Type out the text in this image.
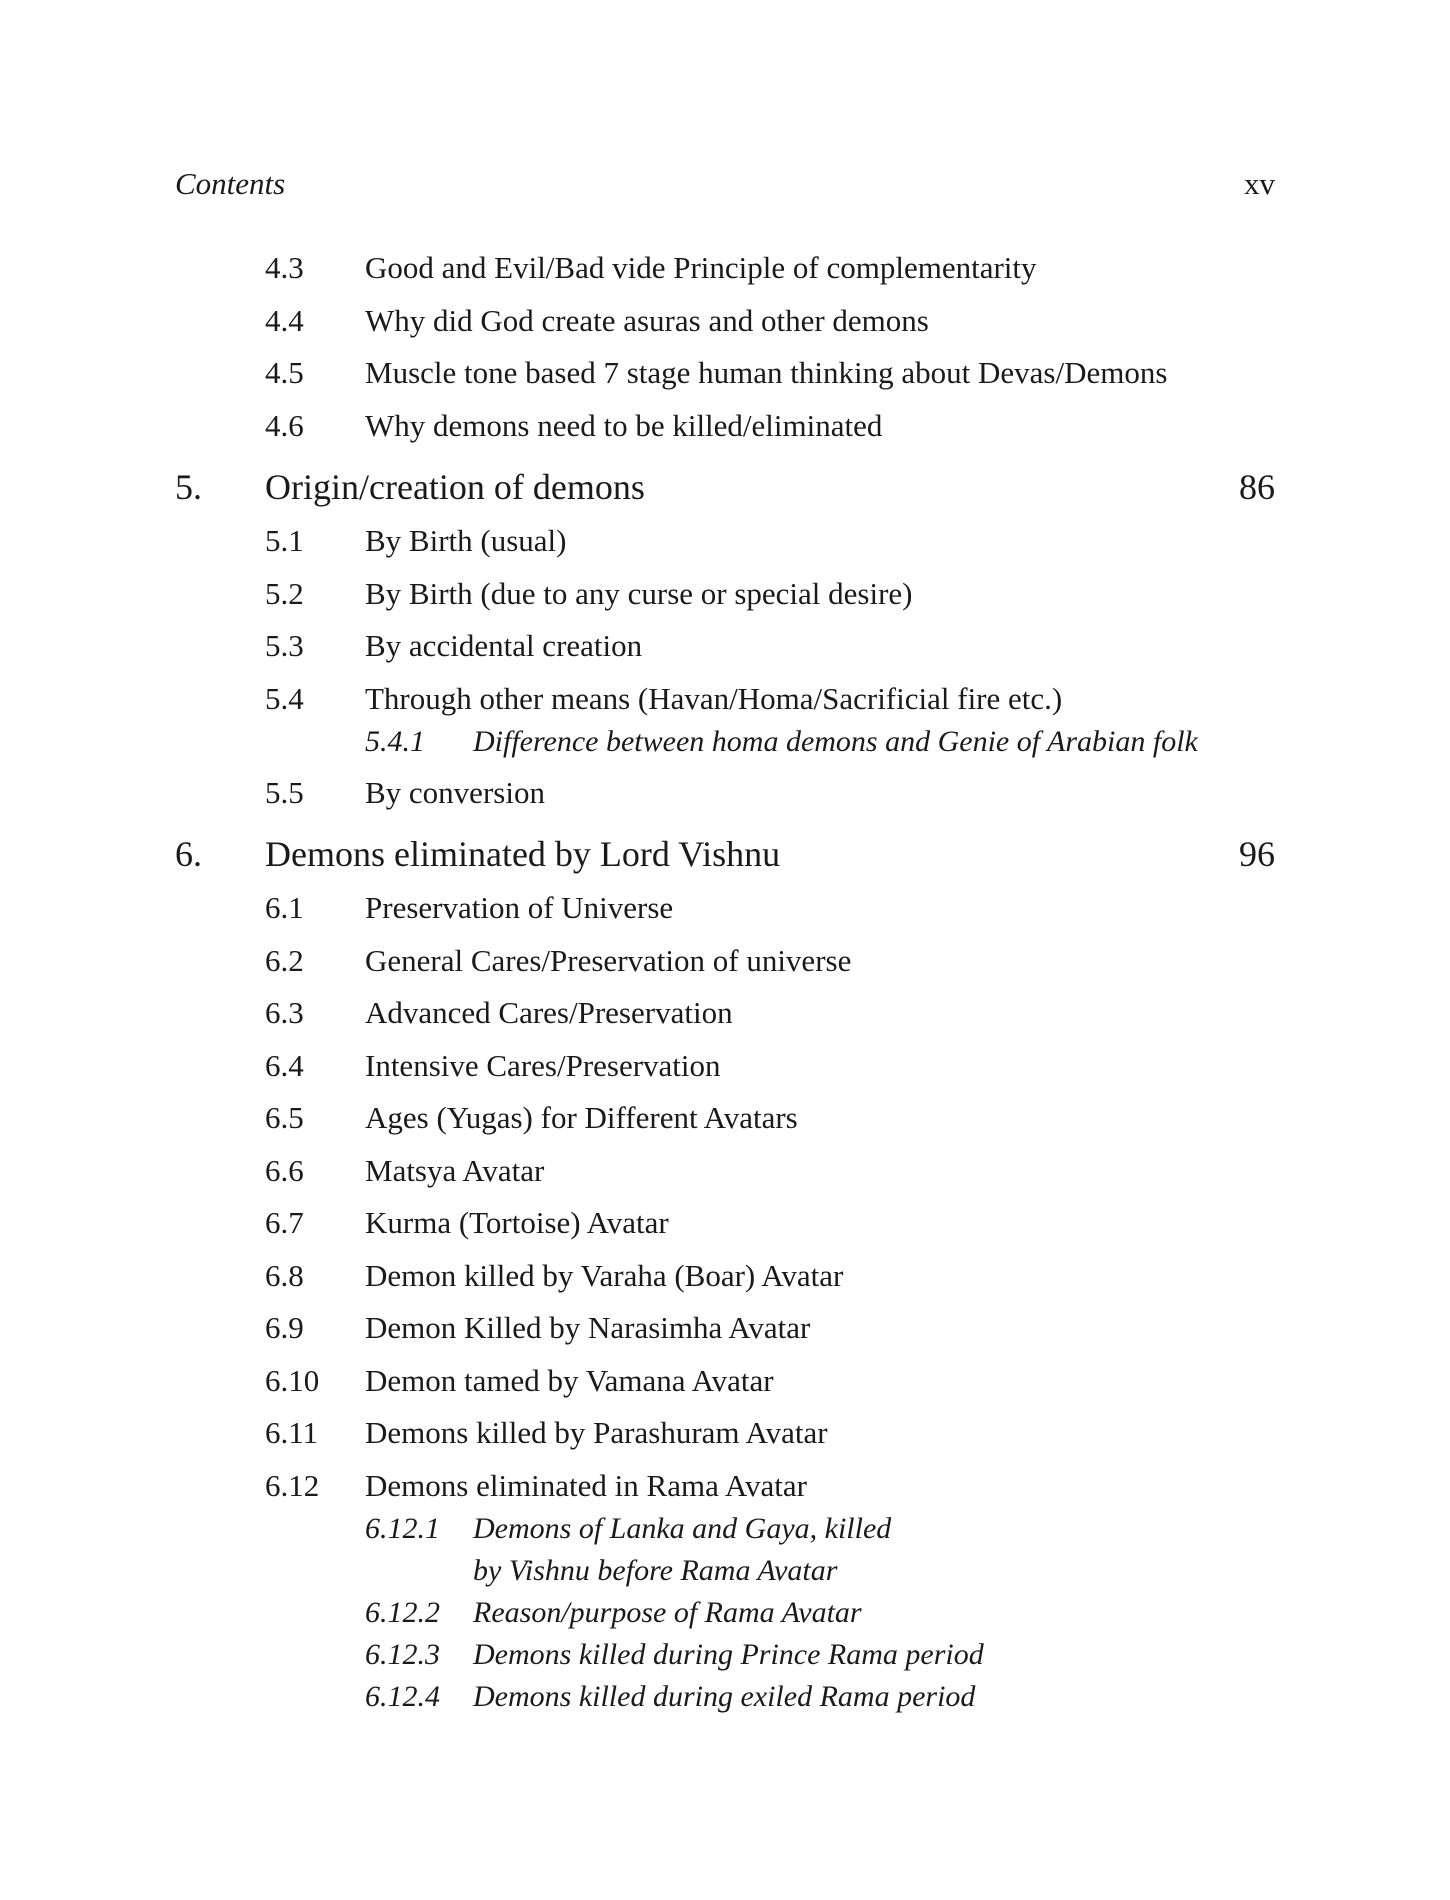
Contents	xv
4.3 Good and Evil/Bad vide Principle of complementarity
4.4 Why did God create asuras and other demons
4.5 Muscle tone based 7 stage human thinking about Devas/Demons
4.6 Why demons need to be killed/eliminated
5. Origin/creation of demons	86
5.1 By Birth (usual)
5.2 By Birth (due to any curse or special desire)
5.3 By accidental creation
5.4 Through other means (Havan/Homa/Sacrificial fire etc.)
5.4.1 Difference between homa demons and Genie of Arabian folk
5.5 By conversion
6. Demons eliminated by Lord Vishnu	96
6.1 Preservation of Universe
6.2 General Cares/Preservation of universe
6.3 Advanced Cares/Preservation
6.4 Intensive Cares/Preservation
6.5 Ages (Yugas) for Different Avatars
6.6 Matsya Avatar
6.7 Kurma (Tortoise) Avatar
6.8 Demon killed by Varaha (Boar) Avatar
6.9 Demon Killed by Narasimha Avatar
6.10 Demon tamed by Vamana Avatar
6.11 Demons killed by Parashuram Avatar
6.12 Demons eliminated in Rama Avatar
6.12.1 Demons of Lanka and Gaya, killed
by Vishnu before Rama Avatar
6.12.2 Reason/purpose of Rama Avatar
6.12.3 Demons killed during Prince Rama period
6.12.4 Demons killed during exiled Rama period
